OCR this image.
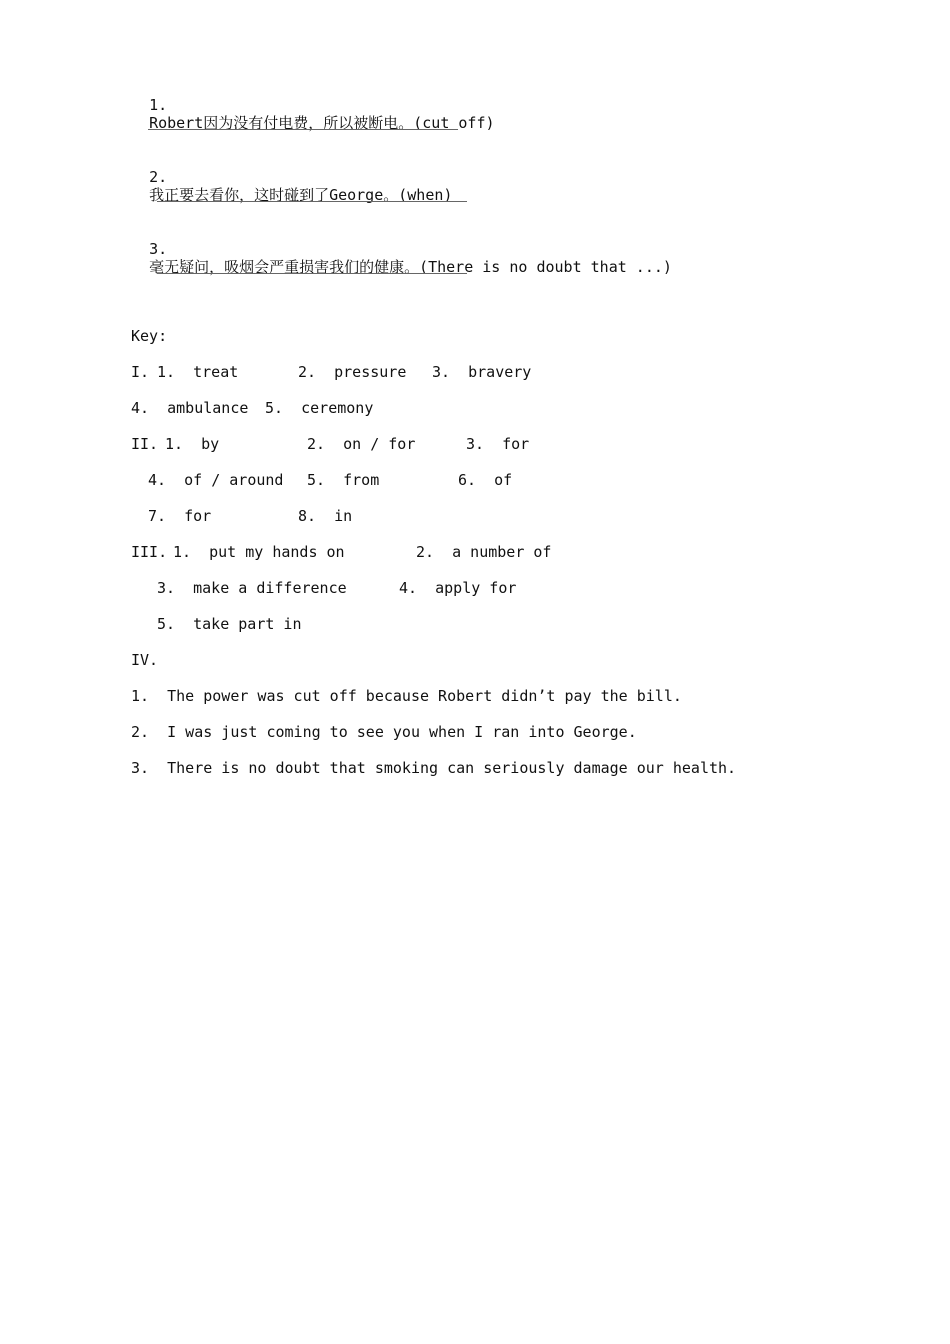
1.
Robert因为没有付电费，所以被断电。(cut off)

2.
我正要去看你，这时碰到了George。(when)

3.
毫无疑问，吸烟会严重损害我们的健康。(There is no doubt that ...)

Key:
I. 1.  treat	2.  pressure 3.  bravery
4.  ambulance 5.  ceremony
II. 1.  by	2.  on / for	3.  for
4.  of / around 5.  from	6.  of
7.  for	8.  in
III. 1.  put my hands on	2.  a number of
3.  make a difference	4.  apply for
5.  take part in
IV.
1.  The power was cut off because Robert didn’t pay the bill.
2.  I was just coming to see you when I ran into George.
3.  There is no doubt that smoking can seriously damage our health.
